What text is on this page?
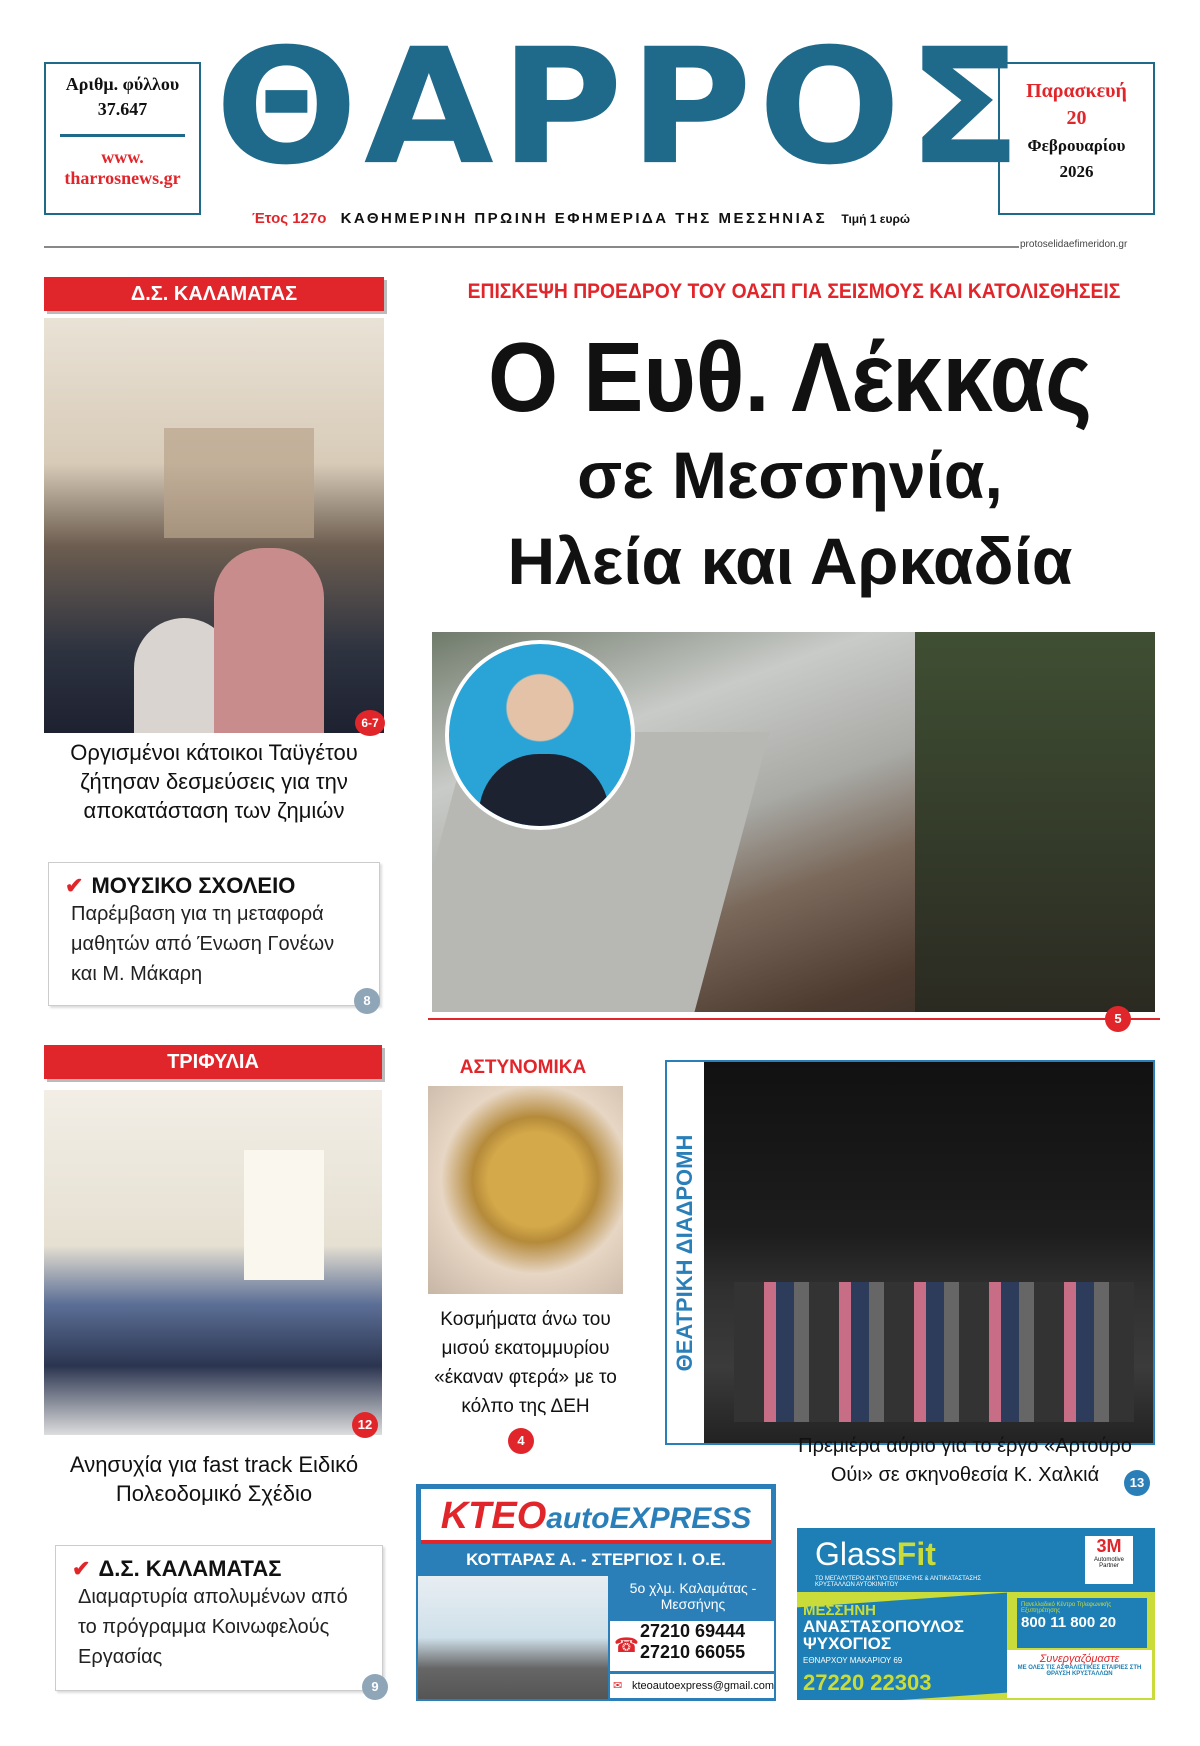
Αριθμ. φύλλου
37.647
www.
tharrosnews.gr ΘΑΡΡΟΣ
Παρασκευή
20
Φεβρουαρίου
2026
Έτος 127ο ΚΑΘΗΜΕΡΙΝΗ ΠΡΩΙΝΗ ΕΦΗΜΕΡΙΔΑ ΤΗΣ ΜΕΣΣΗΝΙΑΣ Τιμή 1 ευρώ
protoselidaefimeridon.gr
Δ.Σ. ΚΑΛΑΜΑΤΑΣ
6-7
Οργισμένοι κάτοικοι Ταϋγέτου ζήτησαν δεσμεύσεις για την αποκατάσταση των ζημιών
✔ ΜΟΥΣΙΚΟ ΣΧΟΛΕΙΟ
Παρέμβαση για τη μεταφορά μαθητών από Ένωση Γονέων και Μ. Μάκαρη
8
ΤΡΙΦΥΛΙΑ
12
Ανησυχία για fast track Ειδικό Πολεοδομικό Σχέδιο
✔ Δ.Σ. ΚΑΛΑΜΑΤΑΣ
Διαμαρτυρία απολυμένων από το πρόγραμμα Κοινωφελούς Εργασίας
9
ΕΠΙΣΚΕΨΗ ΠΡΟΕΔΡΟΥ ΤΟΥ ΟΑΣΠ ΓΙΑ ΣΕΙΣΜΟΥΣ ΚΑΙ ΚΑΤΟΛΙΣΘΗΣΕΙΣ
Ο Ευθ. Λέκκας
σε Μεσσηνία,
Ηλεία και Αρκαδία
5
ΑΣΤΥΝΟΜΙΚΑ
Κοσμήματα άνω του μισού εκατομμυρίου «έκαναν φτερά» με το κόλπο της ΔΕΗ
4
ΘΕΑΤΡΙΚΗ ΔΙΑΔΡΟΜΗ
Πρεμιέρα αύριο για το έργο «Αρτούρο Ούι» σε σκηνοθεσία Κ. Χαλκιά	13
KTEOautoEXPRESS
ΚΟΤΤΑΡΑΣ Α. - ΣΤΕΡΓΙΟΣ Ι. Ο.Ε.
5ο χλμ. Καλαμάτας - Μεσσήνης
☎
27210 69444
27210 66055
✉ kteoautoexpress@gmail.com
GlassFit
ΤΟ ΜΕΓΑΛΥΤΕΡΟ ΔΙΚΤΥΟ ΕΠΙΣΚΕΥΗΣ & ΑΝΤΙΚΑΤΑΣΤΑΣΗΣ ΚΡΥΣΤΑΛΛΩΝ ΑΥΤΟΚΙΝΗΤΟΥ
3M
Automotive Partner
ΜΕΣΣΗΝΗ
ΑΝΑΣΤΑΣΟΠΟΥΛΟΣ ΨΥΧΟΓΙΟΣ
ΕΘΝΑΡΧΟΥ ΜΑΚΑΡΙΟΥ 69
27220 22303
Πανελλαδικό Κέντρο Τηλεφωνικής Εξυπηρέτησης
800 11 800 20
Συνεργαζόμαστε
ΜΕ ΟΛΕΣ ΤΙΣ ΑΣΦΑΛΙΣΤΙΚΕΣ ΕΤΑΙΡΙΕΣ ΣΤΗ ΘΡΑΥΣΗ ΚΡΥΣΤΑΛΛΩΝ
